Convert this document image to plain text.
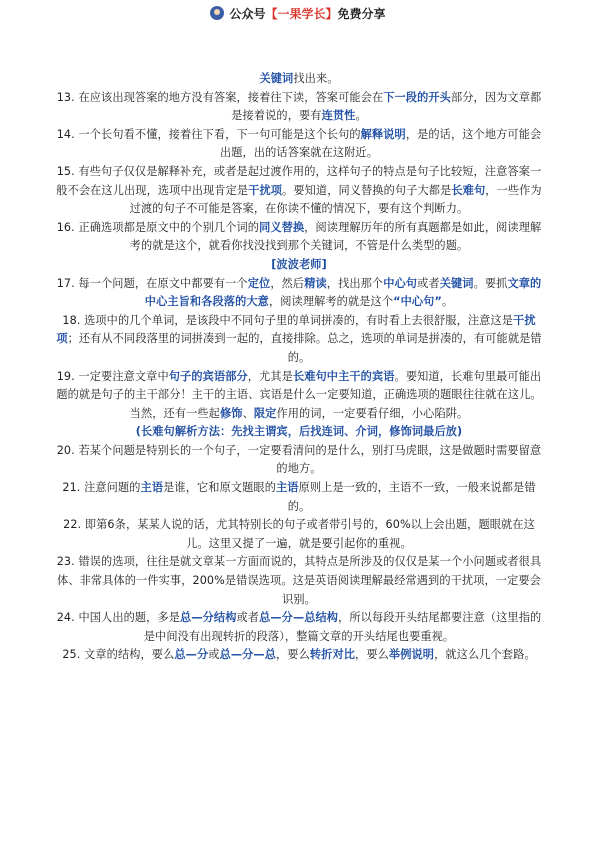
公众号 【一果学长】 免费分享

关键词找出来。

13. 在应该出现答案的地方没有答案，接着往下读，答案可能会在下一段的开头部分，因为文章都是接着说的，要有连贯性。

14. 一个长句看不懂，接着往下看，下一句可能是这个长句的解释说明，是的话，这个地方可能会出题，出的话答案就在这附近。

15. 有些句子仅仅是解释补充，或者是起过渡作用的，这样句子的特点是句子比较短，注意答案一般不会在这儿出现，选项中出现肯定是干扰项。要知道，同义替换的句子大都是长难句，一些作为过渡的句子不可能是答案，在你读不懂的情况下，要有这个判断力。

16. 正确选项都是原文中的个别几个词的同义替换，阅读理解历年的所有真题都是如此，阅读理解考的就是这个，就看你找没找到那个关键词，不管是什么类型的题。

[波波老师]

17. 每一个问题，在原文中都要有一个定位，然后精读，找出那个中心句或者关键词。要抓文章的中心主旨和各段落的大意，阅读理解考的就是这个“中心句”。

18. 选项中的几个单词，是该段中不同句子里的单词拼凑的，有时看上去很舒服，注意这是干扰项；还有从不同段落里的词拼凑到一起的，直接排除。总之，选项的单词是拼凑的，有可能就是错的。

19. 一定要注意文章中句子的宾语部分，尤其是长难句中主干的宾语。要知道，长难句里最可能出题的就是句子的主干部分！主干的主语、宾语是什么一定要知道，正确选项的题眼往往就在这儿。当然，还有一些起修饰、限定作用的词，一定要看仔细，小心陷阱。

(长难句解析方法：先找主谓宾，后找连词、介词，修饰词最后放)

20. 若某个问题是特别长的一个句子，一定要看清问的是什么，别打马虎眼，这是做题时需要留意的地方。

21. 注意问题的主语是谁，它和原文题眼的主语原则上是一致的，主语不一致，一般来说都是错的。

22. 即第6条，某某人说的话，尤其特别长的句子或者带引号的，60%以上会出题，题眼就在这儿。这里又提了一遍，就是要引起你的重视。

23. 错误的选项，往往是就文章某一方面而说的，其特点是所涉及的仅仅是某一个小问题或者很具体、非常具体的一件实事，200%是错误选项。这是英语阅读理解最经常遇到的干扰项，一定要会识别。

24. 中国人出的题，多是总—分结构或者总—分—总结构，所以每段开头结尾都要注意（这里指的是中间没有出现转折的段落），整篇文章的开头结尾也要重视。

25. 文章的结构，要么总—分或总—分—总，要么转折对比，要么举例说明，就这么几个套路。
